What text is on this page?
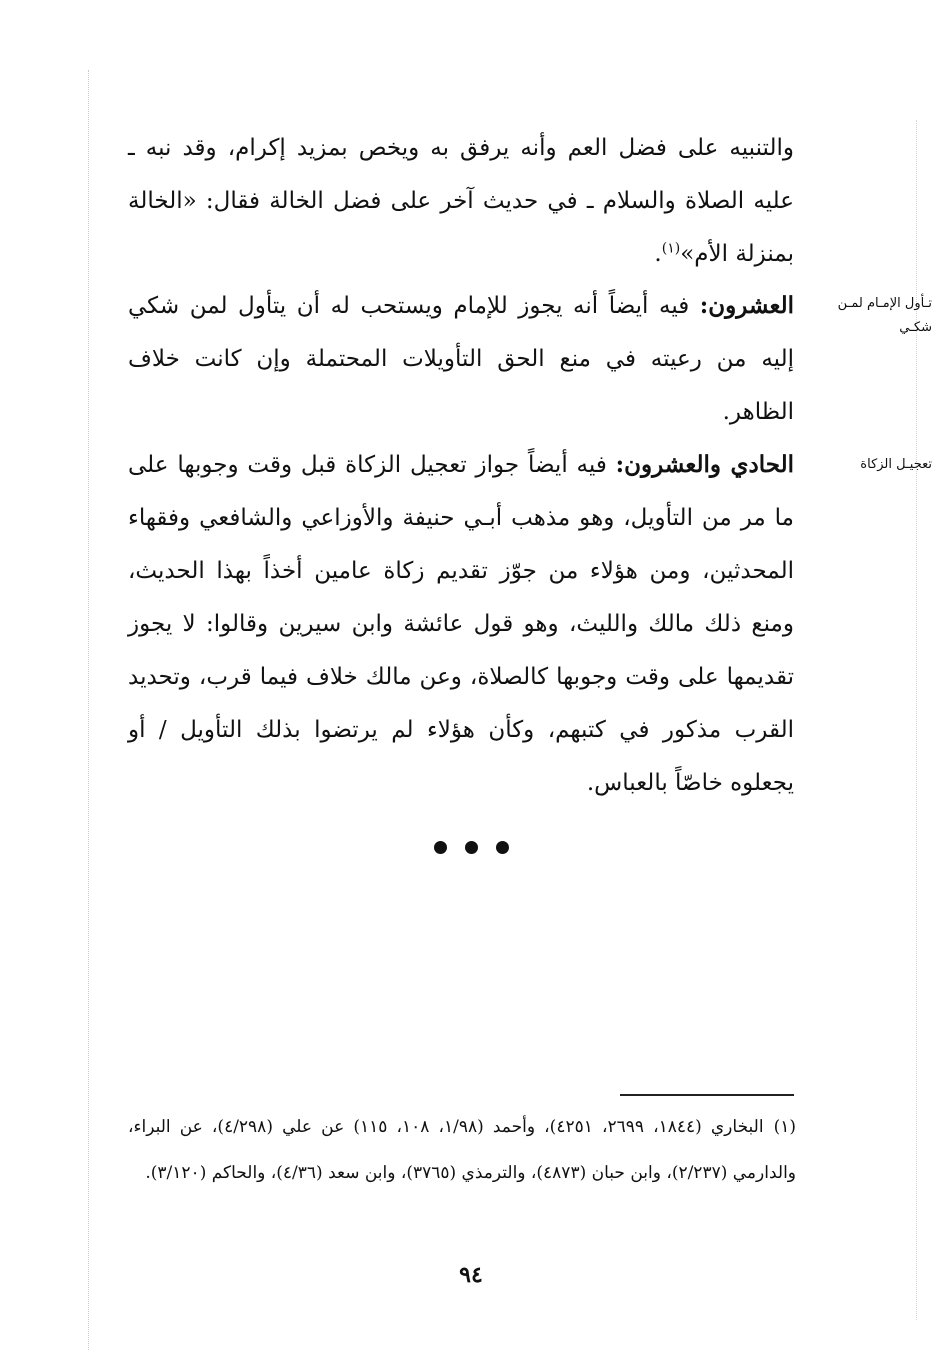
والتنبيه على فضل العم وأنه يرفق به ويخص بمزيد إكرام، وقد نبه ـ عليه الصلاة والسلام ـ في حديث آخر على فضل الخالة فقال: «الخالة بمنزلة الأم»$^{(١)}$.

تـأول الإمـام لمـن شكـي

العشرون: فيه أيضاً أنه يجوز للإمام ويستحب له أن يتأول لمن شكي إليه من رعيته في منع الحق التأويلات المحتملة وإن كانت خلاف الظاهر.

تعجيـل الزكاة

الحادي والعشرون: فيه أيضاً جواز تعجيل الزكاة قبل وقت وجوبها على ما مر من التأويل، وهو مذهب أبـي حنيفة والأوزاعي والشافعي وفقهاء المحدثين، ومن هؤلاء من جوّز تقديم زكاة عامين أخذاً بهذا الحديث، ومنع ذلك مالك والليث، وهو قول عائشة وابن سيرين وقالوا: لا يجوز تقديمها على وقت وجوبها كالصلاة، وعن مالك خلاف فيما قرب، وتحديد القرب مذكور في كتبهم، وكأن هؤلاء لم يرتضوا بذلك التأويل / أو يجعلوه خاصّاً بالعباس.

(١)البخاري (١٨٤٤، ٢٦٩٩، ٤٢٥١)، وأحمد (١/٩٨، ١٠٨، ١١٥) عن علي (٤/٢٩٨)، عن البراء، والدارمي (٢/٢٣٧)، وابن حبان (٤٨٧٣)، والترمذي (٣٧٦٥)، وابن سعد (٤/٣٦)، والحاكم (٣/١٢٠).

٩٤
